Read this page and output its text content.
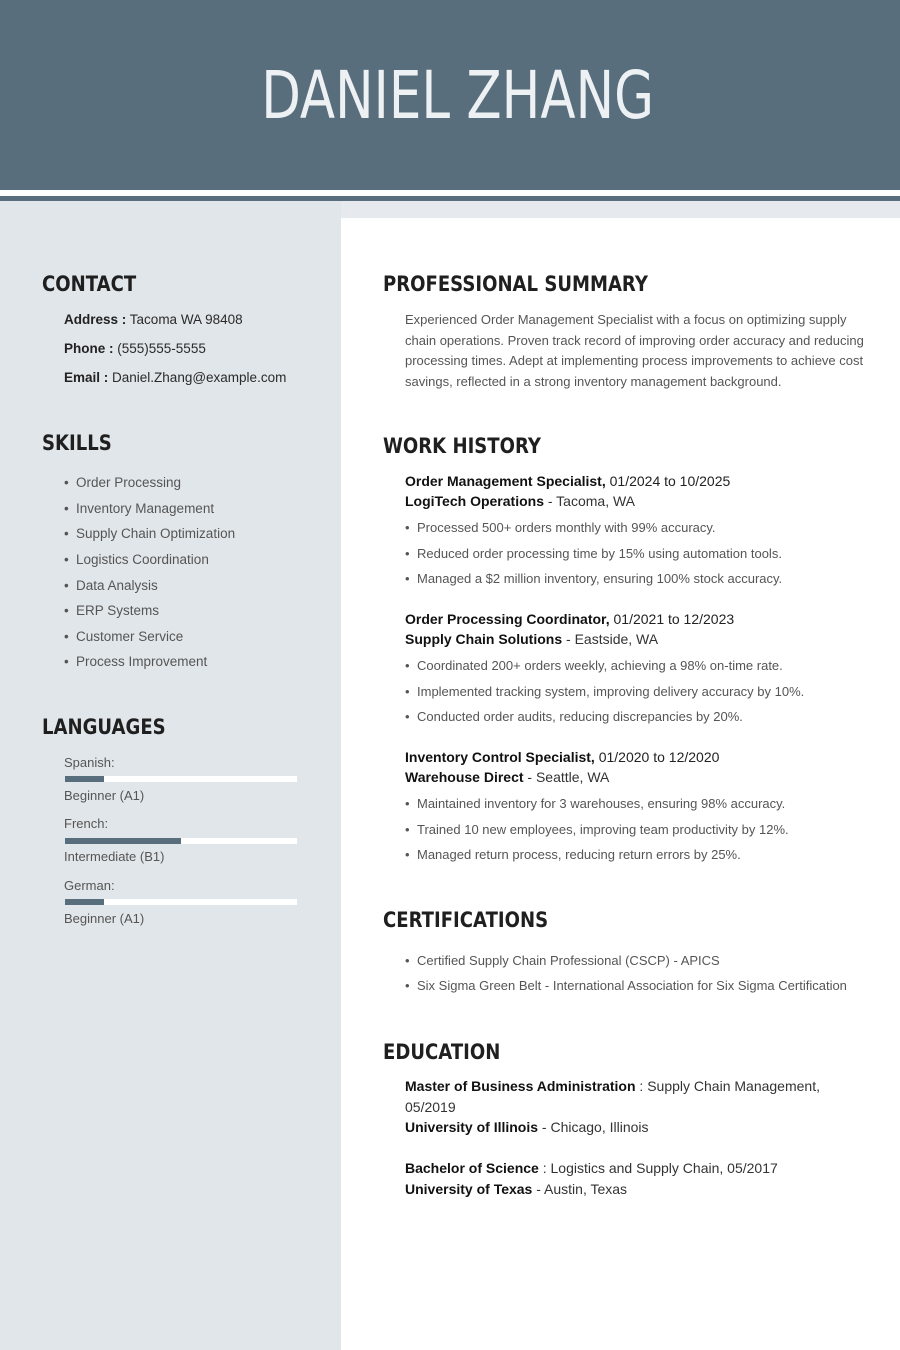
DANIEL ZHANG
CONTACT
Address : Tacoma WA 98408
Phone : (555)555-5555
Email : Daniel.Zhang@example.com
SKILLS
• Order Processing
• Inventory Management
• Supply Chain Optimization
• Logistics Coordination
• Data Analysis
• ERP Systems
• Customer Service
• Process Improvement
LANGUAGES
Spanish:
Beginner (A1)
French:
Intermediate (B1)
German:
Beginner (A1)
PROFESSIONAL SUMMARY
Experienced Order Management Specialist with a focus on optimizing supply chain operations. Proven track record of improving order accuracy and reducing processing times. Adept at implementing process improvements to achieve cost savings, reflected in a strong inventory management background.
WORK HISTORY
Order Management Specialist, 01/2024 to 10/2025
LogiTech Operations - Tacoma, WA
• Processed 500+ orders monthly with 99% accuracy.
• Reduced order processing time by 15% using automation tools.
• Managed a $2 million inventory, ensuring 100% stock accuracy.
Order Processing Coordinator, 01/2021 to 12/2023
Supply Chain Solutions - Eastside, WA
• Coordinated 200+ orders weekly, achieving a 98% on-time rate.
• Implemented tracking system, improving delivery accuracy by 10%.
• Conducted order audits, reducing discrepancies by 20%.
Inventory Control Specialist, 01/2020 to 12/2020
Warehouse Direct - Seattle, WA
• Maintained inventory for 3 warehouses, ensuring 98% accuracy.
• Trained 10 new employees, improving team productivity by 12%.
• Managed return process, reducing return errors by 25%.
CERTIFICATIONS
• Certified Supply Chain Professional (CSCP) - APICS
• Six Sigma Green Belt - International Association for Six Sigma Certification
EDUCATION
Master of Business Administration : Supply Chain Management, 05/2019
University of Illinois - Chicago, Illinois
Bachelor of Science : Logistics and Supply Chain, 05/2017
University of Texas - Austin, Texas
